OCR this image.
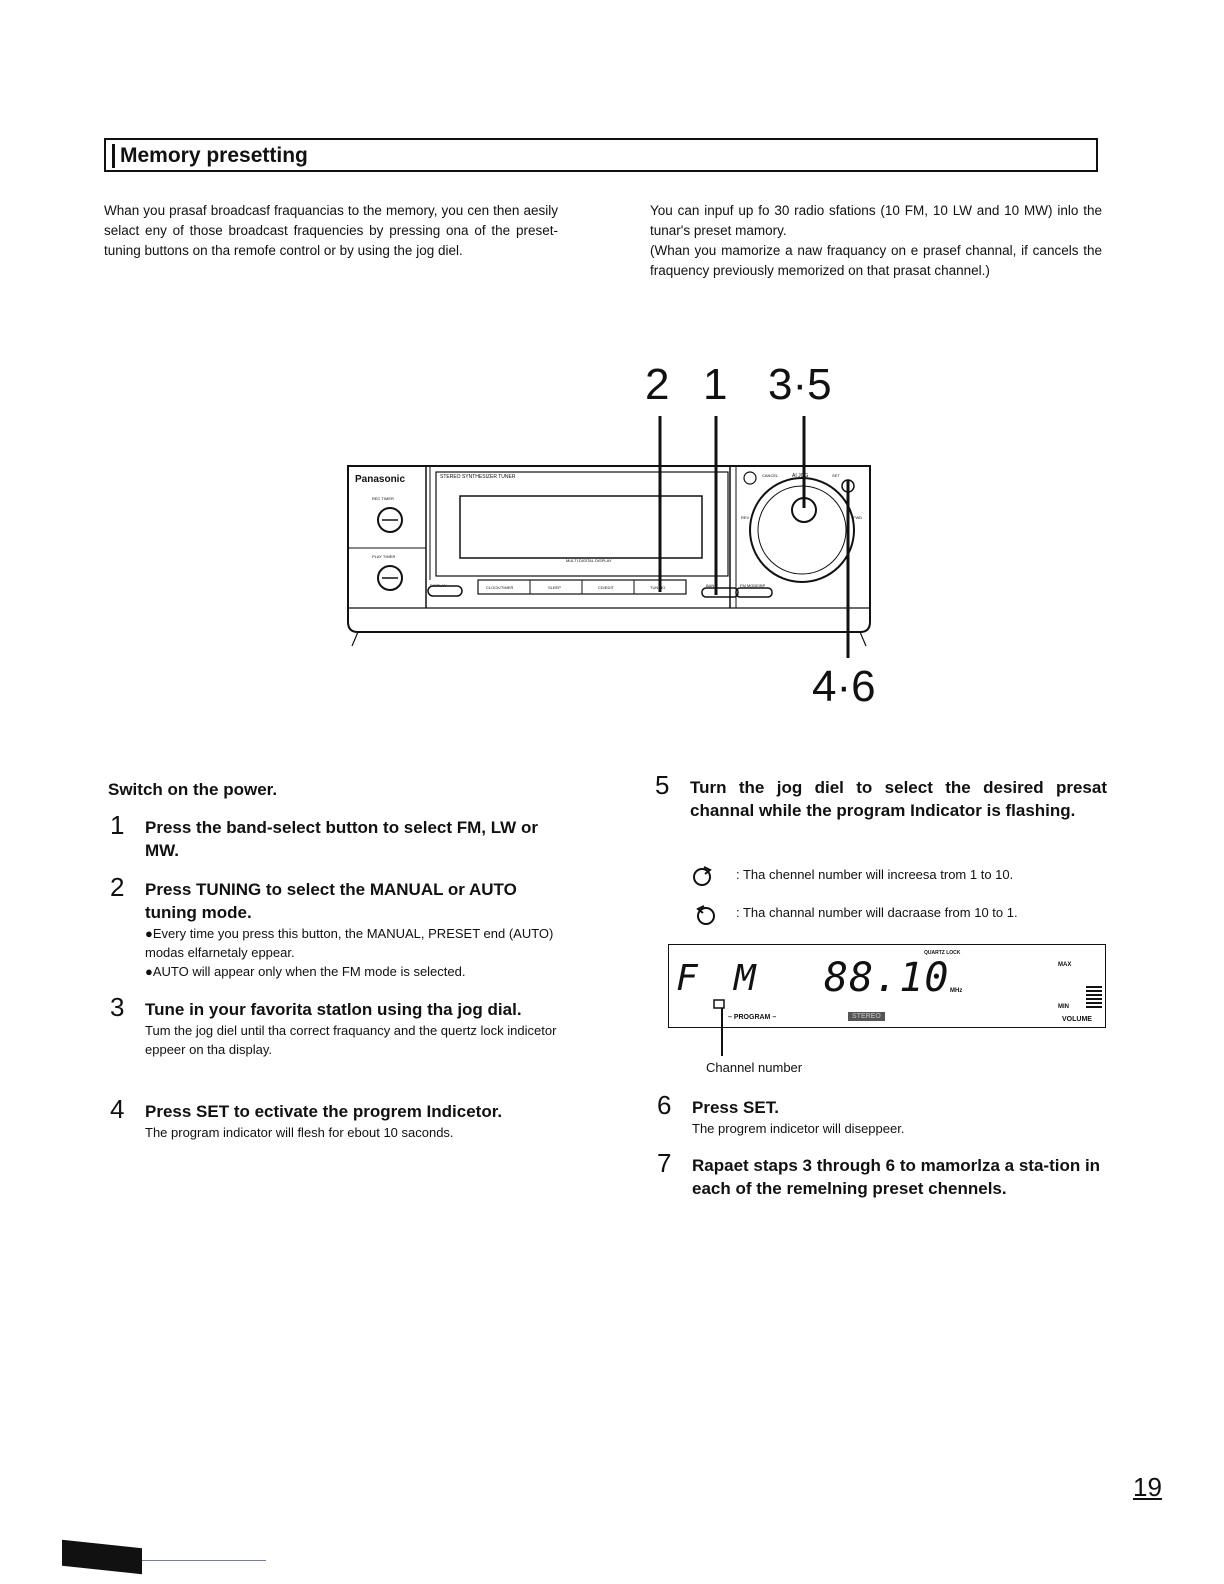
Memory presetting

Whan you prasaf broadcasf fraquancias to the memory, you cen then aesily selact eny of those broadcast fraquencies by pressing ona of the preset-tuning buttons on tha remofe control or by using the jog diel.

You can inpuf up fo 30 radio sfations (10 FM, 10 LW and 10 MW) inlo the tunar's preset mamory.

(Whan you mamorize a naw fraquancy on e prasef channal, if cancels the fraquency previously memorized on that prasat channel.)

2 1 3·5
4·6
Panasonic	STEREO SYNTHESIZER TUNER
REC TIMER
PLAY TIMER
MULTI DIGITAL DISPLAY
DISPLAY	CLOCK/TIMER	SLEEP	CD/EDIT	TUNING	BAND	FM MODE/BP
CANCEL	AI JOG	SET
REV	FWD
Switch on the power.
1 Press the band-select button to select FM, LW or MW.

2 Press TUNING to select the MANUAL or AUTO tuning mode.

●Every time you press this button, the MANUAL, PRESET end (AUTO) modas elfarnetaly eppear.

●AUTO will appear only when the FM mode is selected.

3 Tune in your favorita statlon using tha jog dial.

Tum the jog diel until tha correct fraquancy and the quertz lock indicetor eppeer on tha display.

4 Press SET to ectivate the progrem Indicetor.

The program indicator will flesh for ebout 10 saconds.

5 Turn the jog diel to select the desired presat channal while the program Indicator is flashing.

: Tha chennel number will increesa trom 1 to 10.
: Tha channal number will dacraase from 10 to 1.
F M 88.10 MHz
QUARTZ LOCK
MAX
MIN
VOLUME
– PROGRAM –	STEREO
Channel number
6 Press SET.

The progrem indicetor will diseppeer.

7 Rapaet staps 3 through 6 to mamorlza a sta-tion in each of the remelning preset chennels.

19
